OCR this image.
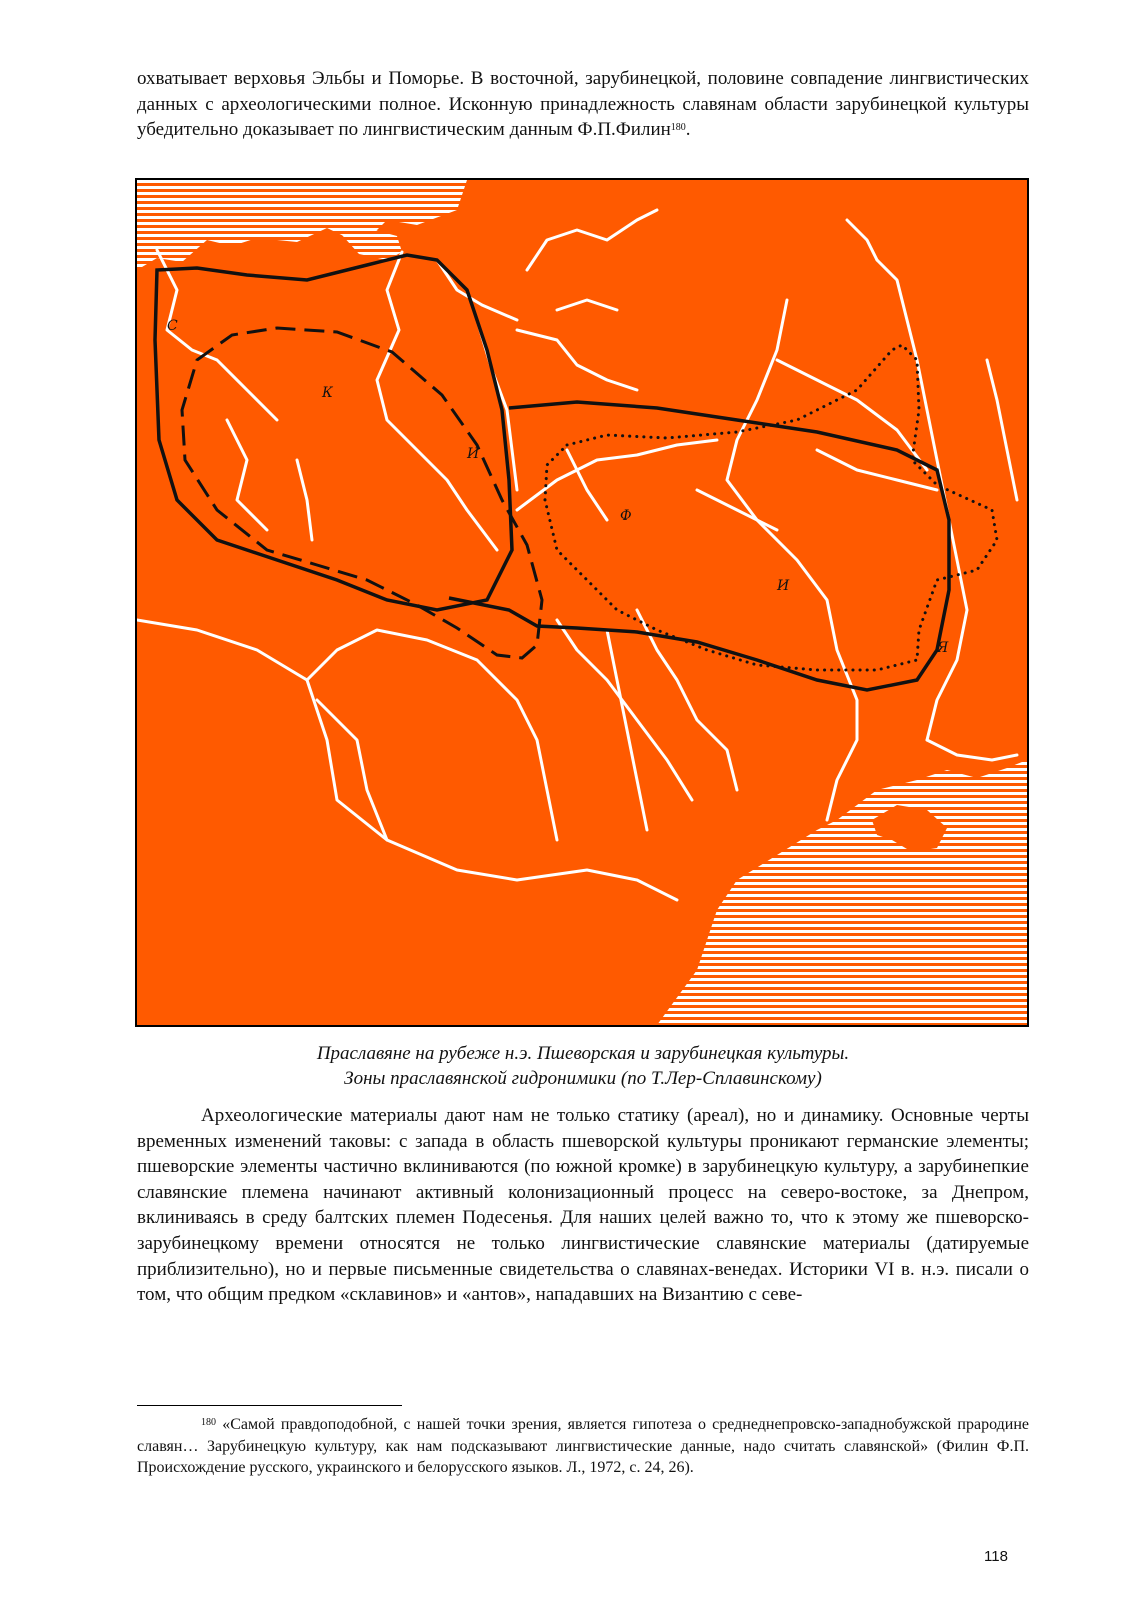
охватывает верховья Эльбы и Поморье. В восточной, зарубинецкой, половине совпадение лингвистических данных с археологическими полное. Исконную принадлежность славянам области зарубинецкой культуры убедительно доказывает по лингвистическим данным Ф.П.Филин$^{180}$.

С
К
И
Ф
И
Я

Праславяне на рубеже н.э. Пшеворская и зарубинецкая культуры.
Зоны праславянской гидронимики (по Т.Лер-Сплавинскому)

Археологические материалы дают нам не только статику (ареал), но и динамику. Основные черты временных изменений таковы: с запада в область пшеворской культуры проникают германские элементы; пшеворские элементы частично вклиниваются (по южной кромке) в зарубинецкую культуру, а зарубинепкие славянские племена начинают активный колонизационный процесс на северо-востоке, за Днепром, вклиниваясь в среду балтских племен Подесенья. Для наших целей важно то, что к этому же пшеворско-зарубинецкому времени относятся не только лингвистические славянские материалы (датируемые приблизительно), но и первые письменные свидетельства о славянах-венедах. Историки VI в. н.э. писали о том, что общим предком «склавинов» и «антов», нападавших на Византию с севе-

$^{180}$ «Самой правдоподобной, с нашей точки зрения, является гипотеза о среднеднепровско-западнобужской прародине славян… Зарубинецкую культуру, как нам подсказывают лингвистические данные, надо считать славянской» (Филин Ф.П. Происхождение русского, украинского и белорусского языков. Л., 1972, с. 24, 26).

118
